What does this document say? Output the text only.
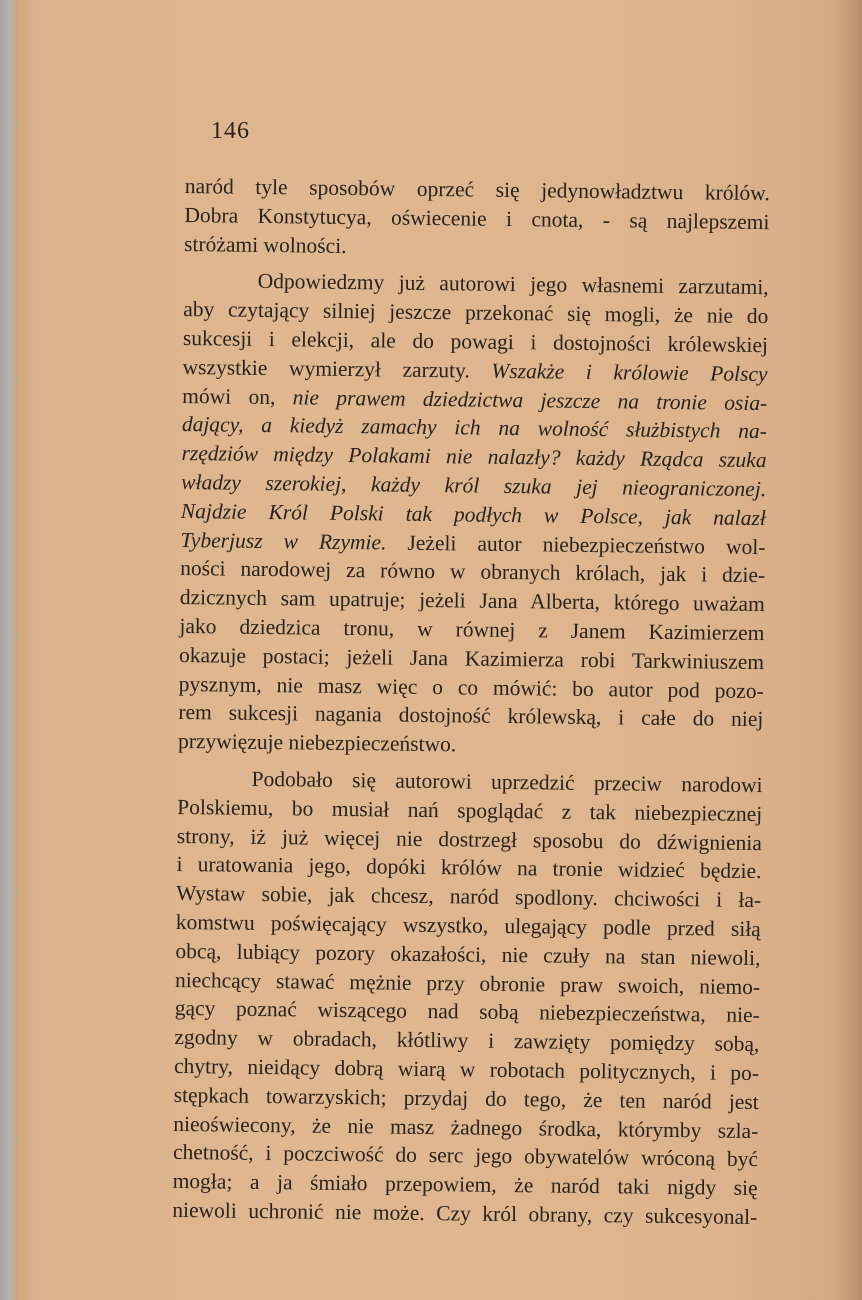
146
naród tyle sposobów oprzeć się jedynowładztwu królów.
Dobra Konstytucya, oświecenie i cnota, - są najlepszemi
stróżami wolności.
Odpowiedzmy już autorowi jego własnemi zarzutami,
aby czytający silniej jeszcze przekonać się mogli, że nie do
sukcesji i elekcji, ale do powagi i dostojności królewskiej
wszystkie wymierzył zarzuty. Wszakże i królowie Polscy
mówi on, nie prawem dziedzictwa jeszcze na tronie osia-
dający, a kiedyż zamachy ich na wolność służbistych na-
rzędziów między Polakami nie nalazły? każdy Rządca szuka
władzy szerokiej, każdy król szuka jej nieograniczonej.
Najdzie Król Polski tak podłych w Polsce, jak nalazł
Tyberjusz w Rzymie. Jeżeli autor niebezpieczeństwo wol-
ności narodowej za równo w obranych królach, jak i dzie-
dzicznych sam upatruje; jeżeli Jana Alberta, którego uważam
jako dziedzica tronu, w równej z Janem Kazimierzem
okazuje postaci; jeżeli Jana Kazimierza robi Tarkwiniuszem
pysznym, nie masz więc o co mówić: bo autor pod pozo-
rem sukcesji nagania dostojność królewską, i całe do niej
przywięzuje niebezpieczeństwo.
Podobało się autorowi uprzedzić przeciw narodowi
Polskiemu, bo musiał nań spoglądać z tak niebezpiecznej
strony, iż już więcej nie dostrzegł sposobu do dźwignienia
i uratowania jego, dopóki królów na tronie widzieć będzie.
Wystaw sobie, jak chcesz, naród spodlony. chciwości i ła-
komstwu poświęcający wszystko, ulegający podle przed siłą
obcą, lubiący pozory okazałości, nie czuły na stan niewoli,
niechcący stawać mężnie przy obronie praw swoich, niemo-
gący poznać wiszącego nad sobą niebezpieczeństwa, nie-
zgodny w obradach, kłótliwy i zawzięty pomiędzy sobą,
chytry, nieidący dobrą wiarą w robotach politycznych, i po-
stępkach towarzyskich; przydaj do tego, że ten naród jest
nieoświecony, że nie masz żadnego środka, którymby szla-
chetność, i poczciwość do serc jego obywatelów wróconą być
mogła; a ja śmiało przepowiem, że naród taki nigdy się
niewoli uchronić nie może. Czy król obrany, czy sukcesyonal-
